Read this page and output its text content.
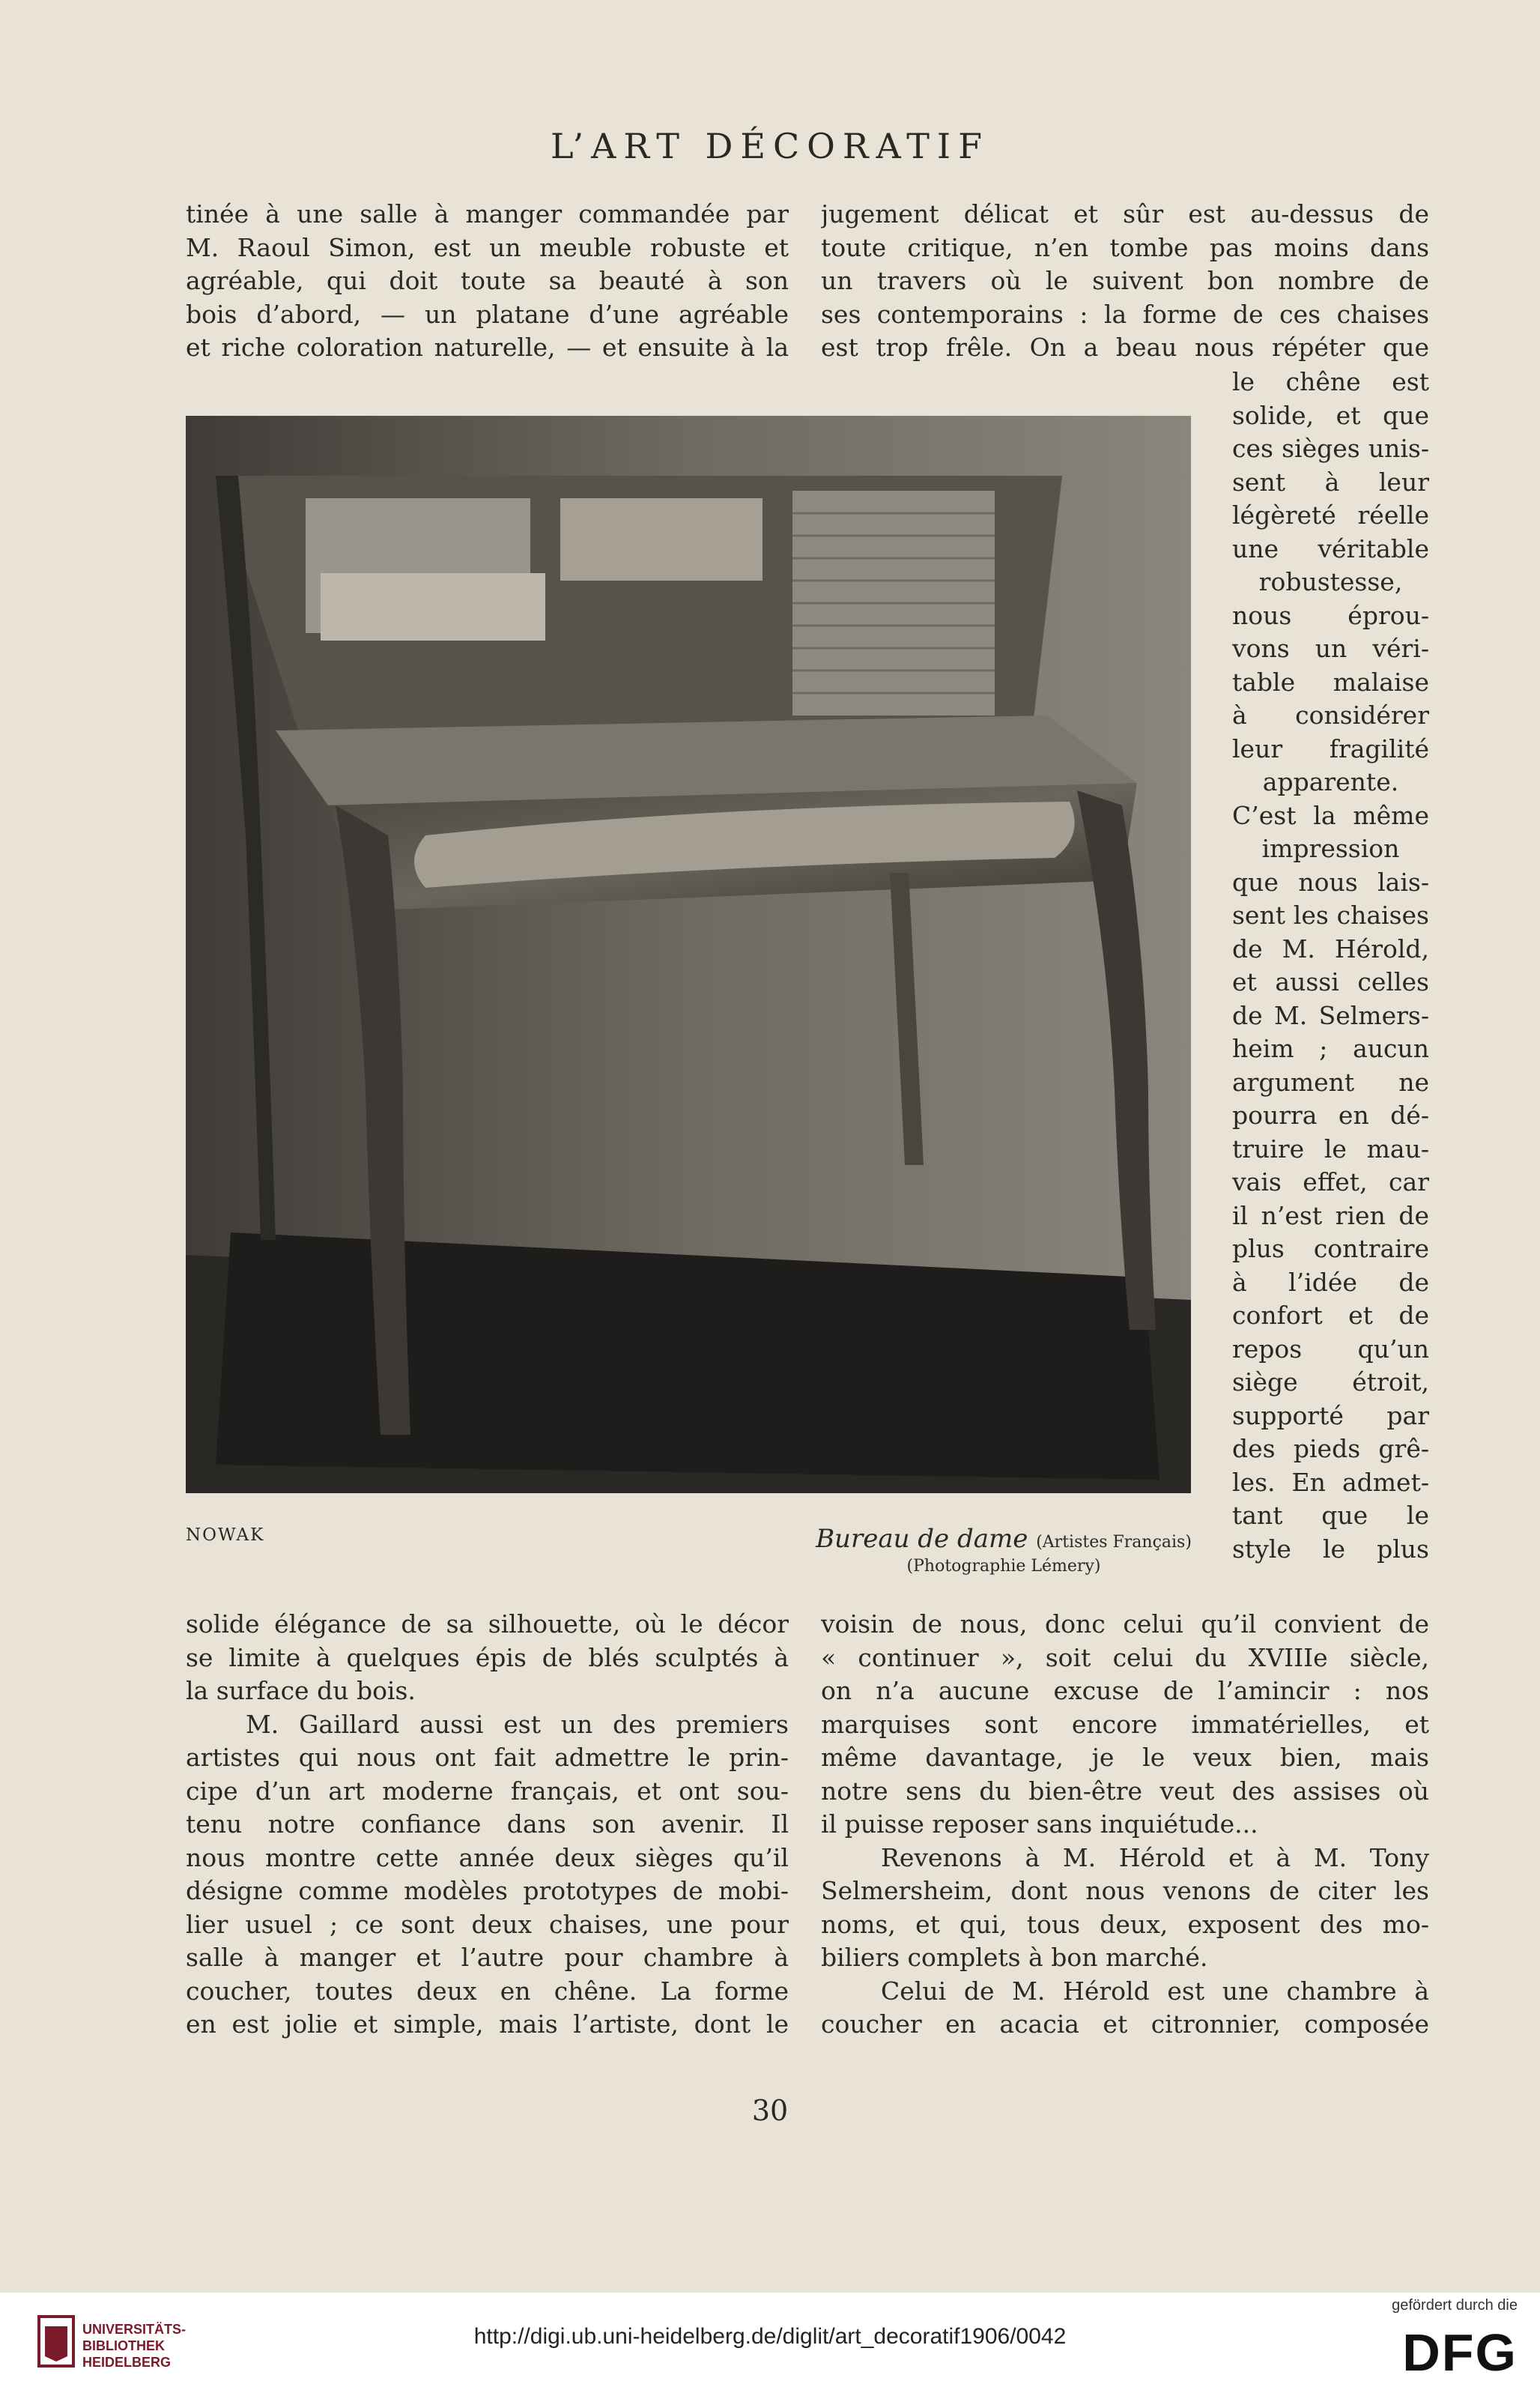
L’ART DÉCORATIF
tinée à une salle à manger commandée par
M. Raoul Simon, est un meuble robuste et
agréable, qui doit toute sa beauté à son
bois d’abord, — un platane d’une agréable
et riche coloration naturelle, — et ensuite à la
jugement délicat et sûr est au-dessus de
toute critique, n’en tombe pas moins dans
un travers où le suivent bon nombre de
ses contemporains : la forme de ces chaises
est trop frêle. On a beau nous répéter que
le chêne est
solide, et que
ces sièges unis-
sent à leur
légèreté réelle
une véritable
robustesse,
nous éprou-
vons un véri-
table malaise
à considérer
leur fragilité
apparente.
C’est la même
impression
que nous lais-
sent les chaises
de M. Hérold,
et aussi celles
de M. Selmers-
heim ; aucun
argument ne
pourra en dé-
truire le mau-
vais effet, car
il n’est rien de
plus contraire
à l’idée de
confort et de
repos qu’un
siège étroit,
supporté par
des pieds grê-
les. En admet-
tant que le
style le plus
NOWAK	Bureau de dame (Artistes Français)
(Photographie Lémery)
solide élégance de sa silhouette, où le décor
se limite à quelques épis de blés sculptés à
la surface du bois.
M. Gaillard aussi est un des premiers
artistes qui nous ont fait admettre le prin-
cipe d’un art moderne français, et ont sou-
tenu notre confiance dans son avenir. Il
nous montre cette année deux sièges qu’il
désigne comme modèles prototypes de mobi-
lier usuel ; ce sont deux chaises, une pour
salle à manger et l’autre pour chambre à
coucher, toutes deux en chêne. La forme
en est jolie et simple, mais l’artiste, dont le
voisin de nous, donc celui qu’il convient de
« continuer », soit celui du XVIIIe siècle,
on n’a aucune excuse de l’amincir : nos
marquises sont encore immatérielles, et
même davantage, je le veux bien, mais
notre sens du bien-être veut des assises où
il puisse reposer sans inquiétude...
Revenons à M. Hérold et à M. Tony
Selmersheim, dont nous venons de citer les
noms, et qui, tous deux, exposent des mo-
biliers complets à bon marché.
Celui de M. Hérold est une chambre à
coucher en acacia et citronnier, composée
30
UNIVERSITÄTS-
BIBLIOTHEK
HEIDELBERG
http://digi.ub.uni-heidelberg.de/diglit/art_decoratif1906/0042
gefördert durch die
DFG
